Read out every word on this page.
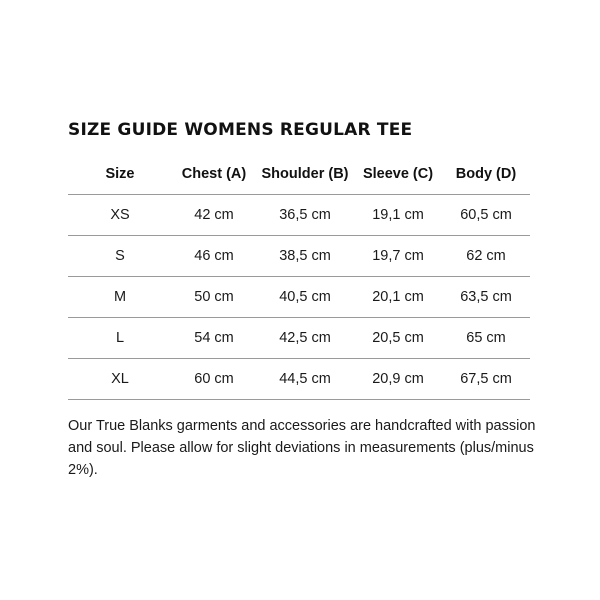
SIZE GUIDE WOMENS REGULAR TEE
Size	Chest (A)	Shoulder (B)	Sleeve (C)	Body (D)
XS	42 cm	36,5 cm	19,1 cm	60,5 cm
S	46 cm	38,5 cm	19,7 cm	62 cm
M	50 cm	40,5 cm	20,1 cm	63,5 cm
L	54 cm	42,5 cm	20,5 cm	65 cm
XL	60 cm	44,5 cm	20,9 cm	67,5 cm

Our True Blanks garments and accessories are handcrafted with passion and soul. Please allow for slight deviations in measurements (plus/minus 2%).
